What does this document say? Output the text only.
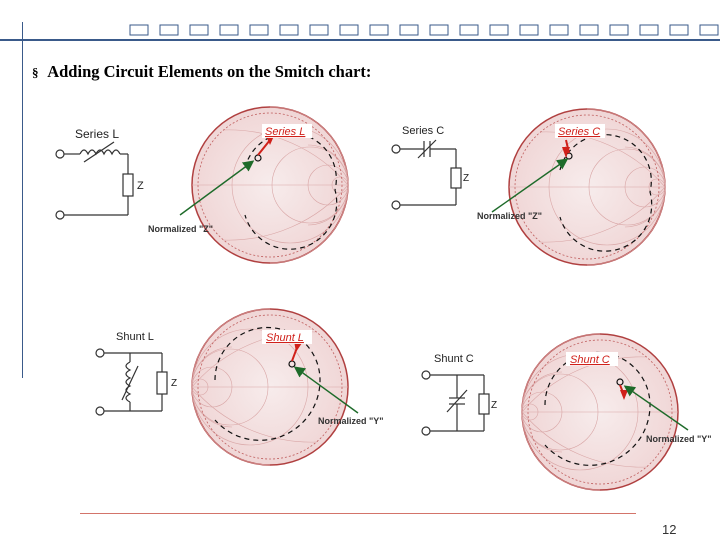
§ Adding Circuit Elements on the Smitch chart:
Series L
Z
Series L
Normalized "Z"
Series C
Z
Series C
Normalized "Z"
Shunt L
Z
Shunt L
Normalized "Y"
Shunt C
Z
Shunt C
Normalized "Y"
12
